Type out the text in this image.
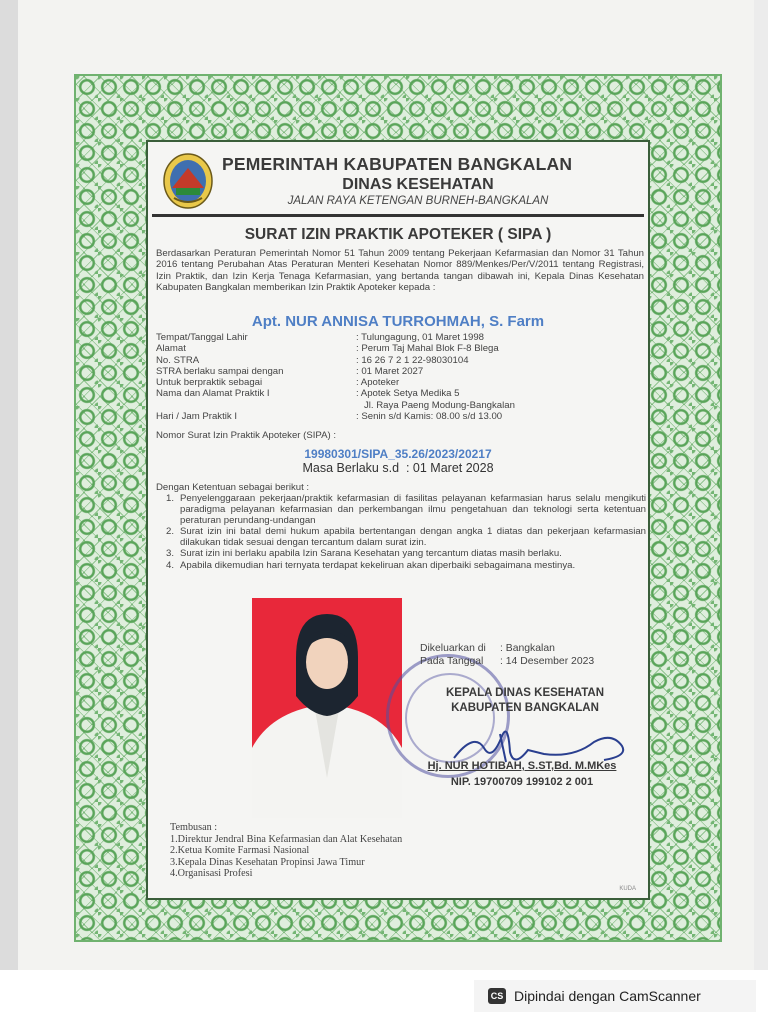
PEMERINTAH KABUPATEN BANGKALAN
DINAS KESEHATAN
JALAN RAYA KETENGAN BURNEH-BANGKALAN
SURAT IZIN PRAKTIK APOTEKER ( SIPA )
Berdasarkan Peraturan Pemerintah Nomor 51 Tahun 2009 tentang Pekerjaan Kefarmasian dan Nomor 31 Tahun 2016 tentang Perubahan Atas Peraturan Menteri Kesehatan Nomor 889/Menkes/Per/V/2011 tentang Registrasi, Izin Praktik, dan Izin Kerja Tenaga Kefarmasian, yang bertanda tangan dibawah ini, Kepala Dinas Kesehatan Kabupaten Bangkalan memberikan Izin Praktik Apoteker kepada :
Apt. NUR ANNISA TURROHMAH, S. Farm
Tempat/Tanggal Lahir	: Tulungagung, 01 Maret 1998
Alamat	: Perum Taj Mahal Blok F-8 Blega
No. STRA	: 16 26 7 2 1 22-98030104
STRA berlaku sampai dengan	: 01 Maret 2027
Untuk berpraktik sebagai	: Apoteker
Nama dan Alamat Praktik I	: Apotek Setya Medika 5
Jl. Raya Paeng Modung-Bangkalan
Hari / Jam Praktik I	: Senin s/d Kamis: 08.00 s/d 13.00
Nomor Surat Izin Praktik Apoteker (SIPA) :
19980301/SIPA_35.26/2023/20217
Masa Berlaku s.d  : 01 Maret 2028
Dengan Ketentuan sebagai berikut :
1. Penyelenggaraan pekerjaan/praktik kefarmasian di fasilitas pelayanan kefarmasian harus selalu mengikuti paradigma pelayanan kefarmasian dan perkembangan ilmu pengetahuan dan teknologi serta ketentuan peraturan perundang-undangan
2. Surat izin ini batal demi hukum apabila bertentangan dengan angka 1 diatas dan pekerjaan kefarmasian dilakukan tidak sesuai dengan tercantum dalam surat izin.
3. Surat izin ini berlaku apabila Izin Sarana Kesehatan yang tercantum diatas masih berlaku.
4. Apabila dikemudian hari ternyata terdapat kekeliruan akan diperbaiki sebagaimana mestinya.
Dikeluarkan di	: Bangkalan
Pada Tanggal	: 14 Desember 2023
KEPALA DINAS KESEHATAN
KABUPATEN BANGKALAN
Hj. NUR HOTIBAH, S.ST,Bd. M.MKes
NIP. 19700709 199102 2 001
Tembusan :
1.Direktur Jendral Bina Kefarmasian dan Alat Kesehatan
2.Ketua Komite Farmasi Nasional
3.Kepala Dinas Kesehatan Propinsi Jawa Timur
4.Organisasi Profesi
KUDA
CS Dipindai dengan CamScanner
